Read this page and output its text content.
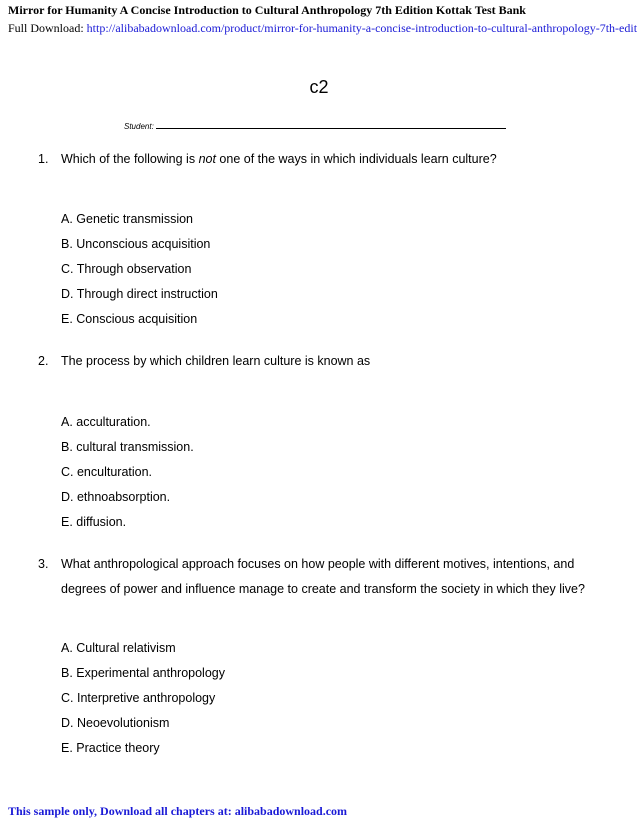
Mirror for Humanity A Concise Introduction to Cultural Anthropology 7th Edition Kottak Test Bank
Full Download: http://alibabadownload.com/product/mirror-for-humanity-a-concise-introduction-to-cultural-anthropology-7th-edit
c2
Student:
1. Which of the following is not one of the ways in which individuals learn culture?
A. Genetic transmission
B. Unconscious acquisition
C. Through observation
D. Through direct instruction
E. Conscious acquisition
2. The process by which children learn culture is known as
A. acculturation.
B. cultural transmission.
C. enculturation.
D. ethnoabsorption.
E. diffusion.
3. What anthropological approach focuses on how people with different motives, intentions, and degrees of power and influence manage to create and transform the society in which they live?
A. Cultural relativism
B. Experimental anthropology
C. Interpretive anthropology
D. Neoevolutionism
E. Practice theory
This sample only, Download all chapters at: alibabadownload.com
